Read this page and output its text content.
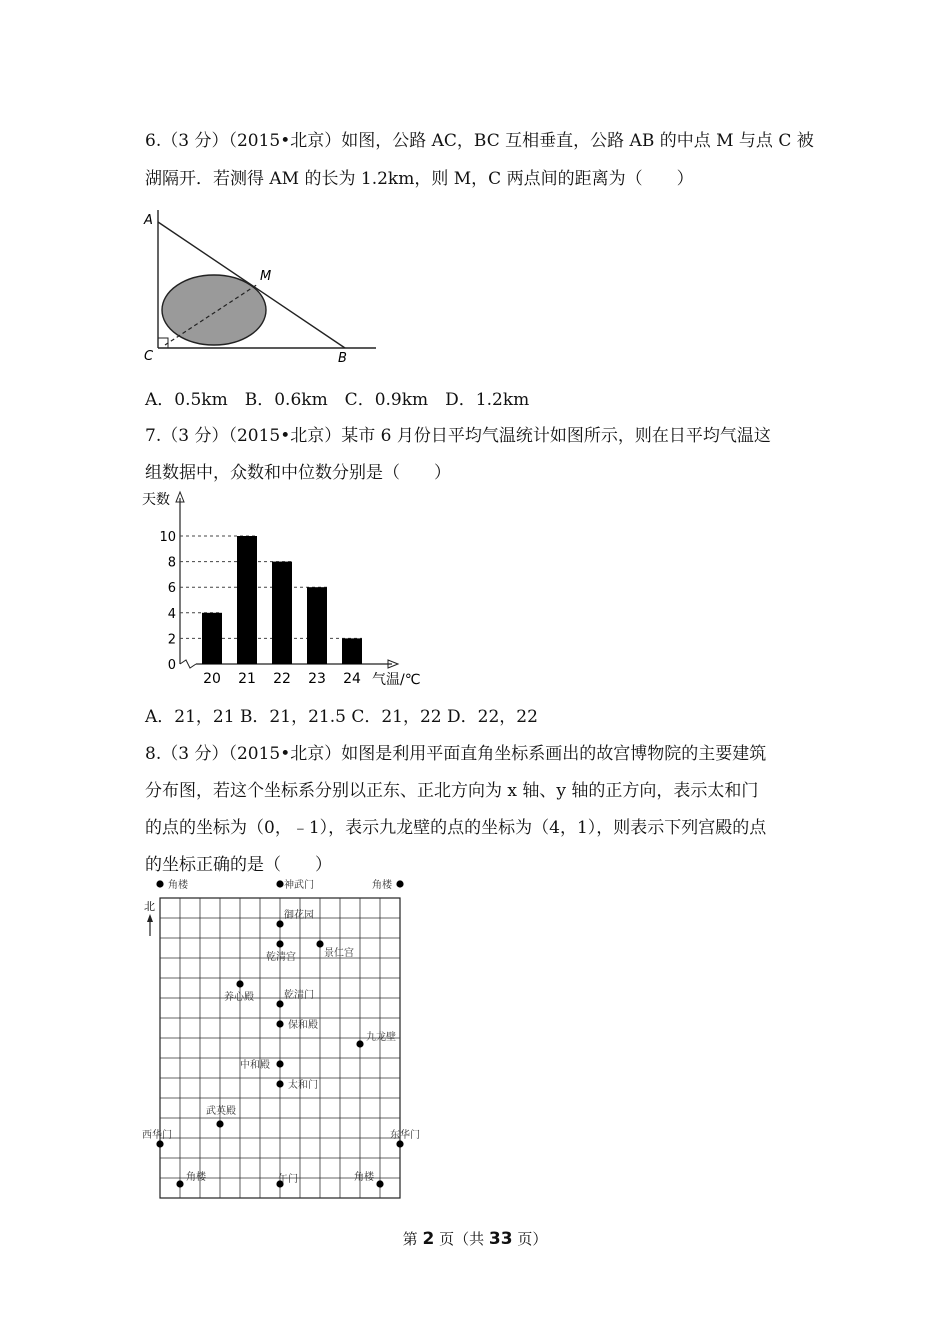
6.（3 分）（2015•北京）如图，公路 AC，BC 互相垂直，公路 AB 的中点 M 与点 C 被
湖隔开．若测得 AM 的长为 1.2km，则 M，C 两点间的距离为（　　）
A
M
C	B
A．0.5km　B．0.6km　C．0.9km　D．1.2km
7.（3 分）（2015•北京）某市 6 月份日平均气温统计如图所示，则在日平均气温这
组数据中，众数和中位数分别是（　　）
天数
0
2
4
6
8
10
20 21 22 23 24 气温/℃
A．21，21 B．21，21.5 C．21，22 D．22，22
8.（3 分）（2015•北京）如图是利用平面直角坐标系画出的故宫博物院的主要建筑
分布图，若这个坐标系分别以正东、正北方向为 x 轴、y 轴的正方向，表示太和门
的点的坐标为（0，﹣1），表示九龙壁的点的坐标为（4，1），则表示下列宫殿的点
的坐标正确的是（　　）
北
神武门
角楼	角楼
御花园
乾清宫	景仁宫
养心殿	乾清门
保和殿
九龙壁
中和殿
太和门
武英殿
西华门	东华门
角楼	午门	角楼
第 2 页（共 33 页）
